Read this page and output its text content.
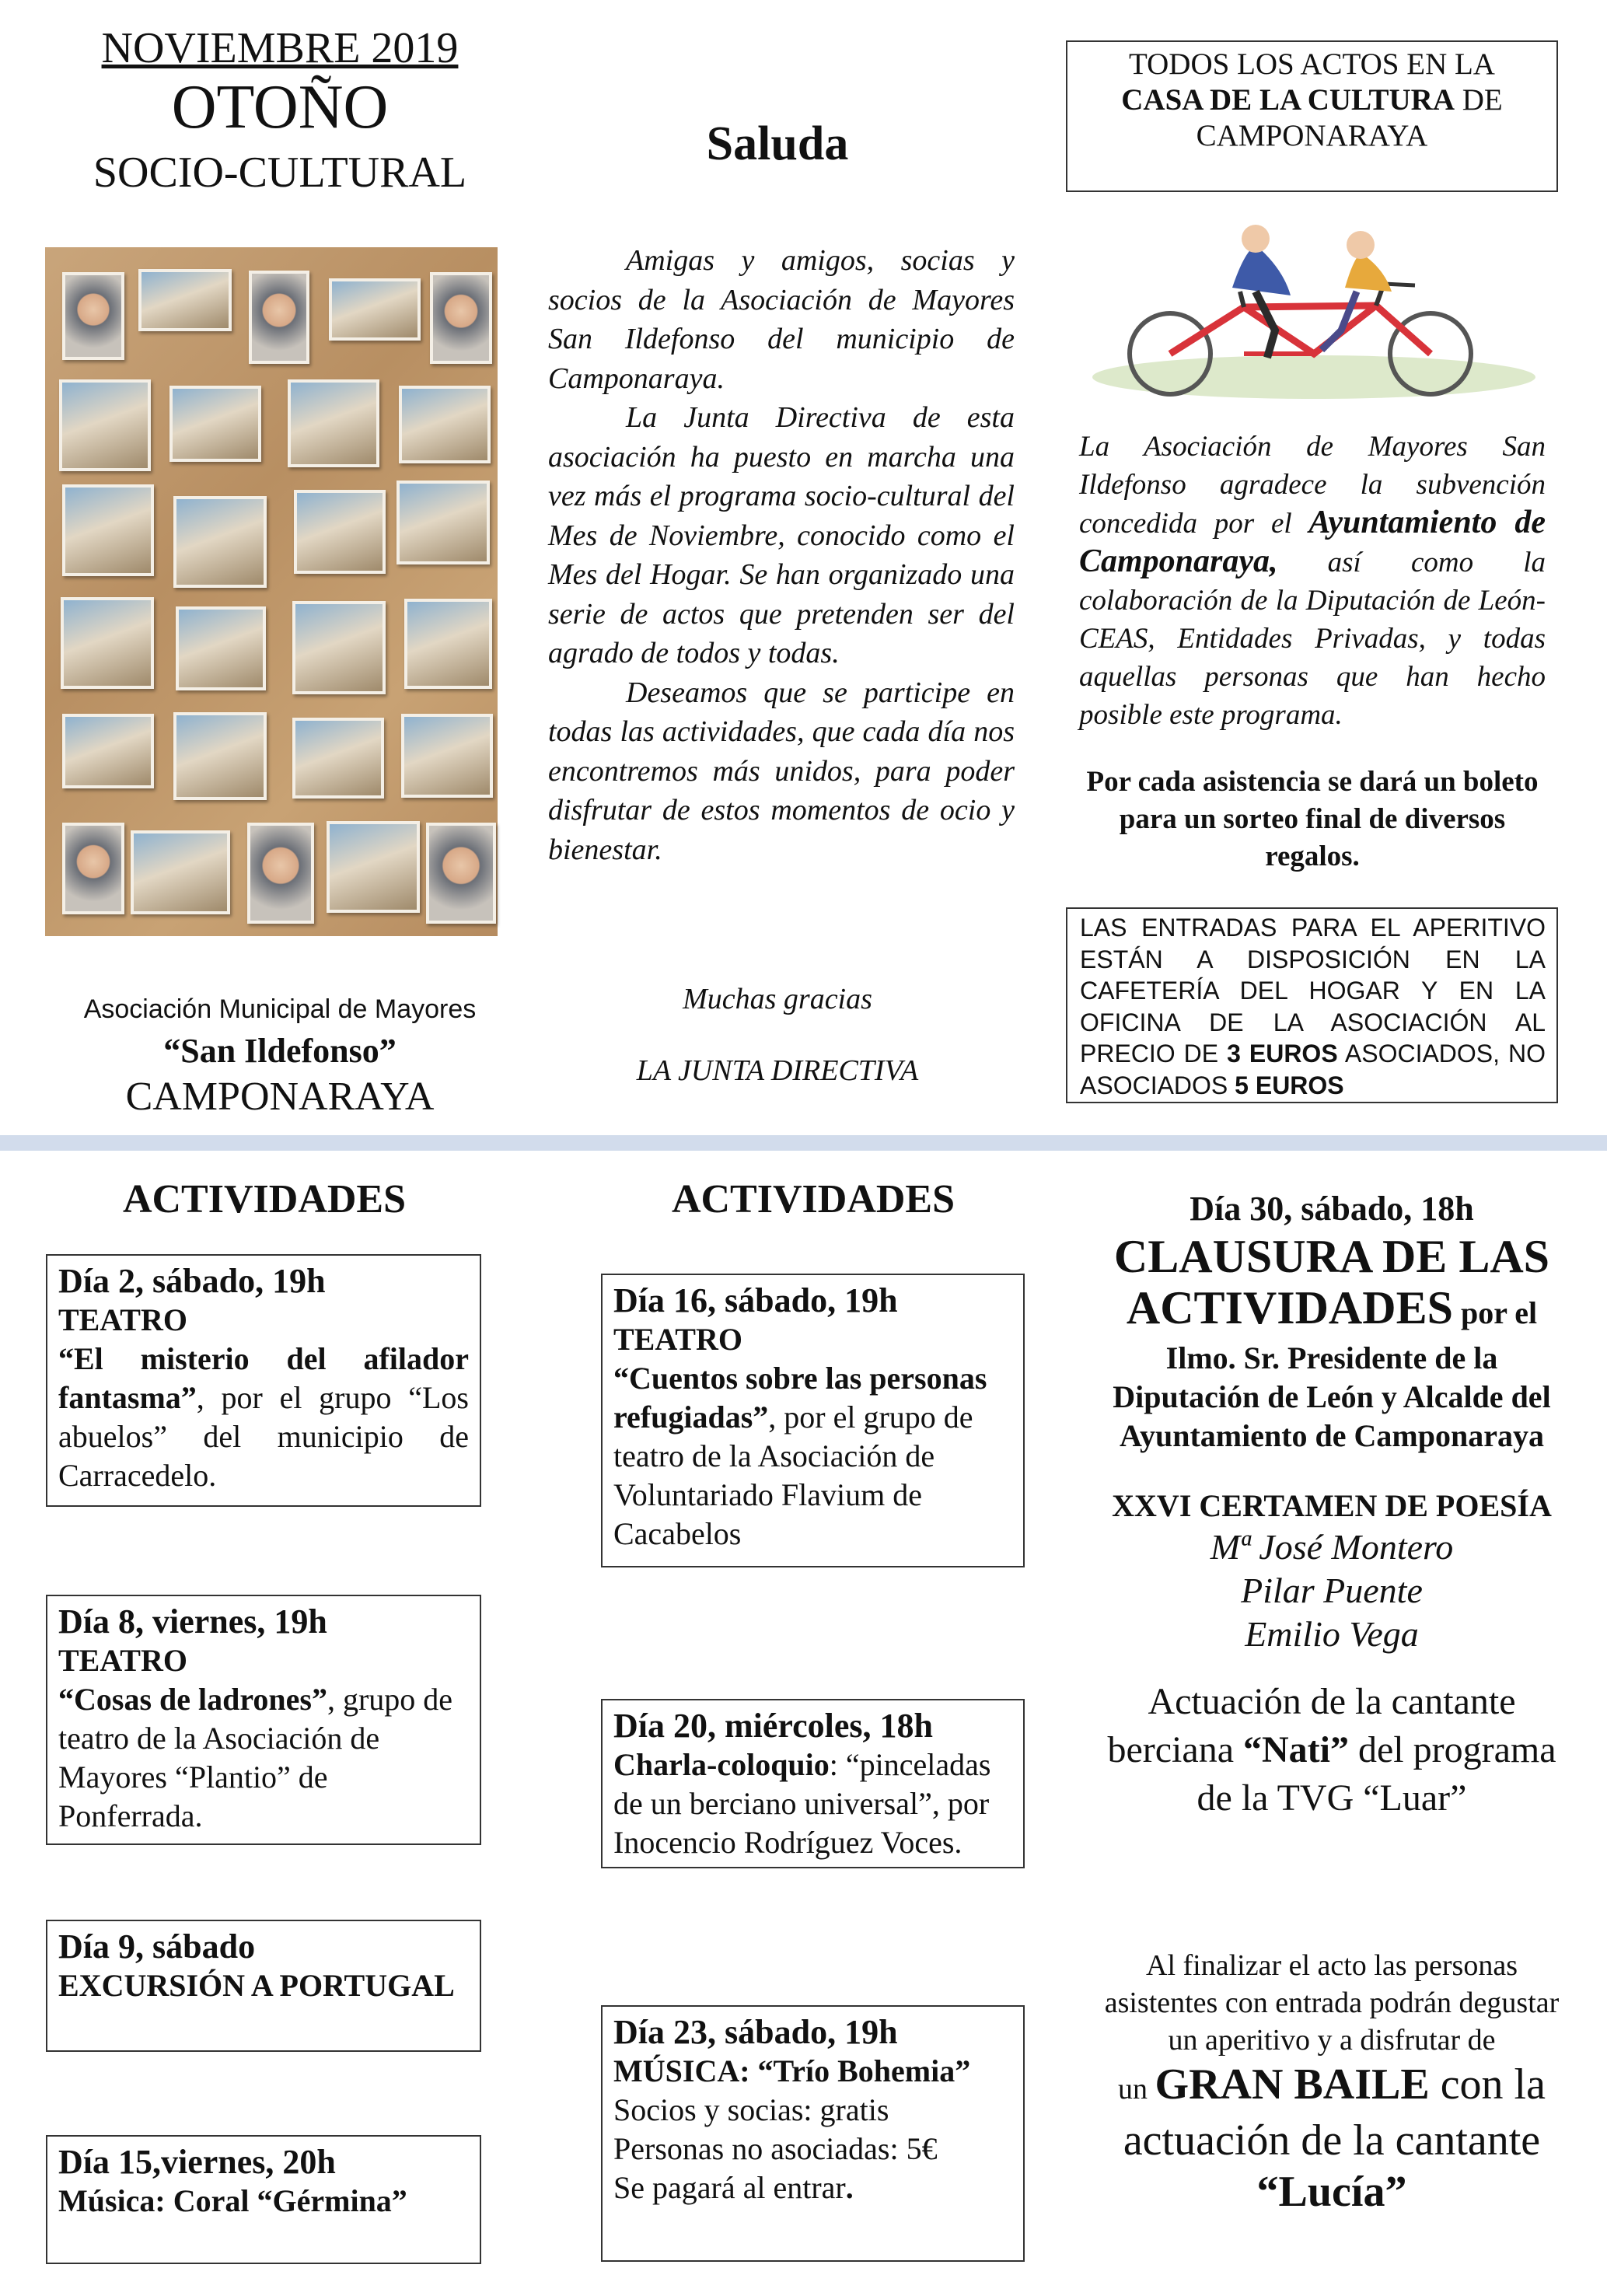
NOVIEMBRE 2019
OTOÑO
SOCIO-CULTURAL
Saluda
TODOS LOS ACTOS EN LA
CASA DE LA CULTURA DE
CAMPONARAYA

Amigas y amigos, socias y socios de la Asociación de Mayores San Ildefonso del municipio de Camponaraya.

La Junta Directiva de esta asociación ha puesto en marcha una vez más el programa socio-cultural del Mes de Noviembre, conocido como el Mes del Hogar. Se han organizado una serie de actos que pretenden ser del agrado de todos y todas.

Deseamos que se participe en todas las actividades, que cada día nos encontremos más unidos, para poder disfrutar de estos momentos de ocio y bienestar.

Muchas gracias
LA JUNTA DIRECTIVA
Asociación Municipal de Mayores
“San Ildefonso”
CAMPONARAYA
La Asociación de Mayores San Ildefonso agradece la subvención concedida por el Ayuntamiento de Camponaraya, así como la colaboración de la Diputación de León-CEAS, Entidades Privadas, y todas aquellas personas que han hecho posible este programa.
Por cada asistencia se dará un boleto para un sorteo final de diversos regalos.
LAS ENTRADAS PARA EL APERITIVO ESTÁN A DISPOSICIÓN EN LA CAFETERÍA DEL HOGAR Y EN LA OFICINA DE LA ASOCIACIÓN AL PRECIO DE 3 EUROS ASOCIADOS, NO ASOCIADOS 5 EUROS
ACTIVIDADES	ACTIVIDADES

Día 2, sábado, 19h

TEATRO

“El misterio del afilador fantasma”, por el grupo “Los abuelos” del municipio de Carracedelo.

Día 8, viernes, 19h

TEATRO

“Cosas de ladrones”, grupo de teatro de la Asociación de Mayores “Plantio” de Ponferrada.

Día 9, sábado

EXCURSIÓN A PORTUGAL

Día 15,viernes, 20h

Música: Coral “Gérmina”

Día 16, sábado, 19h

TEATRO

“Cuentos sobre las personas refugiadas”, por el grupo de teatro de la Asociación de Voluntariado Flavium de Cacabelos

Día 20, miércoles, 18h

Charla-coloquio: “pinceladas de un berciano universal”, por Inocencio Rodríguez Voces.

Día 23, sábado, 19h

MÚSICA: “Trío Bohemia”

Socios y socias: gratis

Personas no asociadas: 5€

Se pagará al entrar.

Día 30, sábado, 18h
CLAUSURA DE LAS
ACTIVIDADES por el
Ilmo. Sr. Presidente de la
Diputación de León y Alcalde del
Ayuntamiento de Camponaraya
XXVI CERTAMEN DE POESÍA
Mª José Montero
Pilar Puente
Emilio Vega
Actuación de la cantante berciana “Nati” del programa de la TVG “Luar”
Al finalizar el acto las personas asistentes con entrada podrán degustar un aperitivo y a disfrutar de
un GRAN BAILE con la actuación de la cantante
“Lucía”
